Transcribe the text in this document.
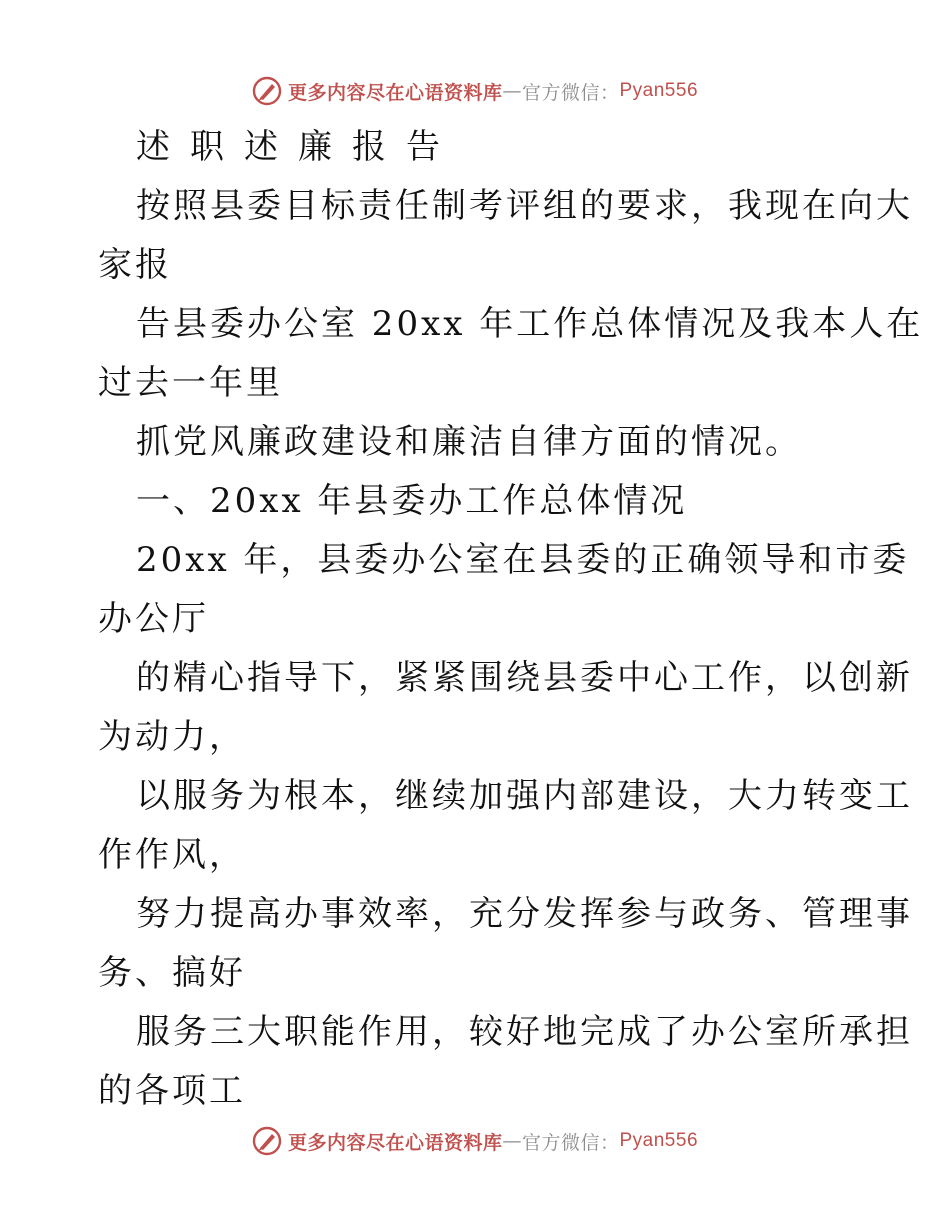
更多内容尽在心语资料库 — 官方微信： Pyan556
述职述廉报告
按照县委目标责任制考评组的要求，我现在向大
家报
告县委办公室 20xx 年工作总体情况及我本人在
过去一年里
抓党风廉政建设和廉洁自律方面的情况。
一、20xx 年县委办工作总体情况
20xx 年，县委办公室在县委的正确领导和市委
办公厅
的精心指导下，紧紧围绕县委中心工作，以创新
为动力，
以服务为根本，继续加强内部建设，大力转变工
作作风，
努力提高办事效率，充分发挥参与政务、管理事
务、搞好
服务三大职能作用，较好地完成了办公室所承担
的各项工
更多内容尽在心语资料库 — 官方微信： Pyan556
